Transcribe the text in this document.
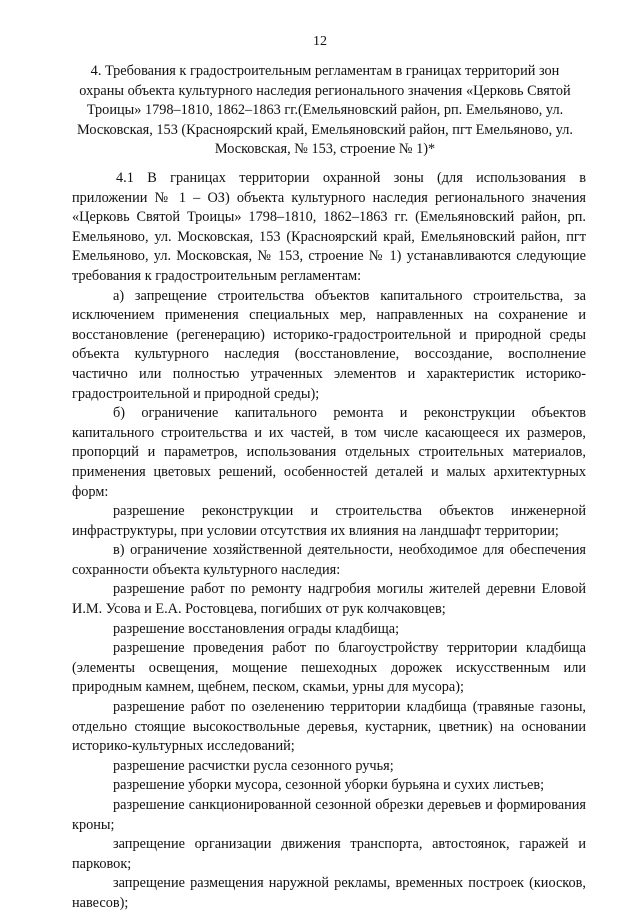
12
4. Требования к градостроительным регламентам в границах территорий зон охраны объекта культурного наследия регионального значения «Церковь Святой Троицы» 1798–1810, 1862–1863 гг.(Емельяновский район, рп. Емельяново, ул. Московская, 153 (Красноярский край, Емельяновский район, пгт Емельяново, ул. Московская, № 153, строение № 1)*

4.1 В границах территории охранной зоны (для использования в приложении № 1 – ОЗ) объекта культурного наследия регионального значения «Церковь Святой Троицы» 1798–1810, 1862–1863 гг. (Емельяновский район, рп. Емельяново, ул. Московская, 153 (Красноярский край, Емельяновский район, пгт Емельяново, ул. Московская, № 153, строение № 1) устанавливаются следующие требования к градостроительным регламентам:

а) запрещение строительства объектов капитального строительства, за исключением применения специальных мер, направленных на сохранение и восстановление (регенерацию) историко-градостроительной и природной среды объекта культурного наследия (восстановление, воссоздание, восполнение частично или полностью утраченных элементов и характеристик историко-градостроительной и природной среды);

б) ограничение капитального ремонта и реконструкции объектов капитального строительства и их частей, в том числе касающееся их размеров, пропорций и параметров, использования отдельных строительных материалов, применения цветовых решений, особенностей деталей и малых архитектурных форм:

разрешение реконструкции и строительства объектов инженерной инфраструктуры, при условии отсутствия их влияния на ландшафт территории;

в) ограничение хозяйственной деятельности, необходимое для обеспечения сохранности объекта культурного наследия:

разрешение работ по ремонту надгробия могилы жителей деревни Еловой И.М. Усова и Е.А. Ростовцева, погибших от рук колчаковцев;

разрешение восстановления ограды кладбища;

разрешение проведения работ по благоустройству территории кладбища (элементы освещения, мощение пешеходных дорожек искусственным или природным камнем, щебнем, песком, скамьи, урны для мусора);

разрешение работ по озеленению территории кладбища (травяные газоны, отдельно стоящие высокоствольные деревья, кустарник, цветник) на основании историко-культурных исследований;

разрешение расчистки русла сезонного ручья;

разрешение уборки мусора, сезонной уборки бурьяна и сухих листьев;

разрешение санкционированной сезонной обрезки деревьев и формирования кроны;

запрещение организации движения транспорта, автостоянок, гаражей и парковок;

запрещение размещения наружной рекламы, временных построек (киосков, навесов);
